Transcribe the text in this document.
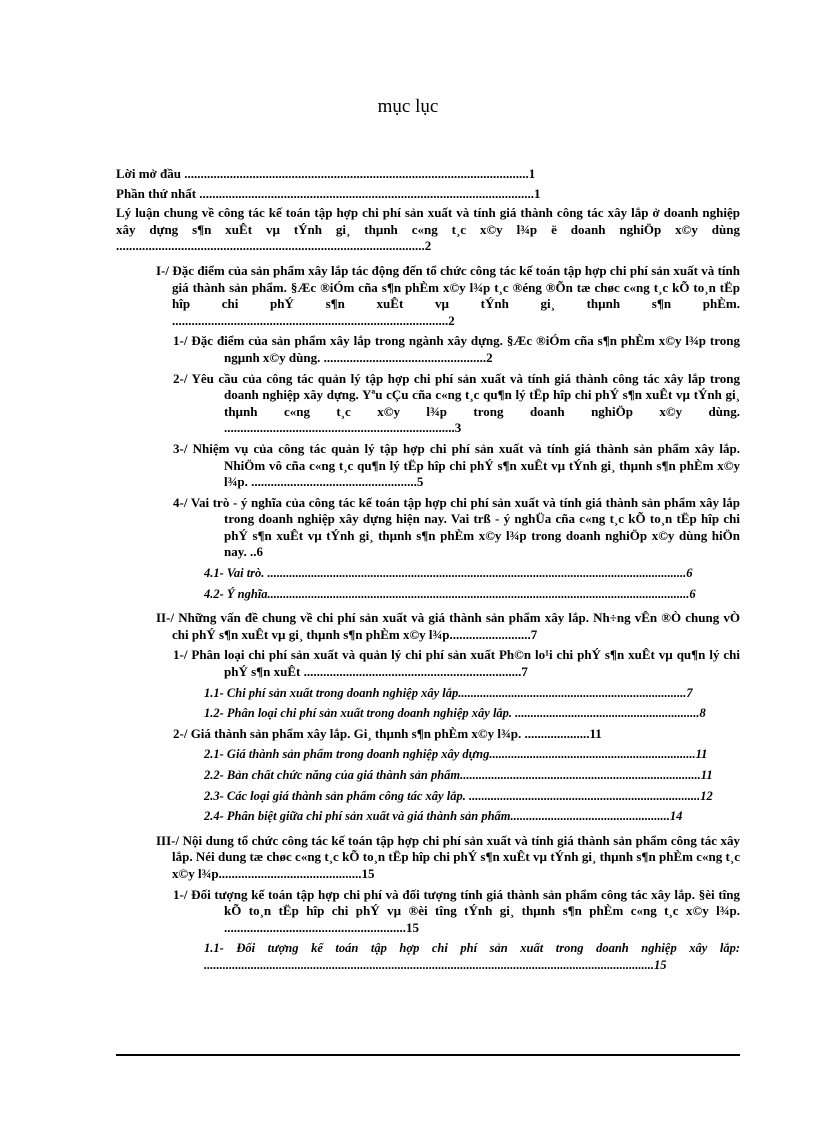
mục lục
Lời mở đầu ..........................................................................................................1
Phần thứ nhất .......................................................................................................1
Lý luận chung về công tác kế toán tập hợp chi phí sản xuất và tính giá thành công tác xây lắp ở doanh nghiệp xây dựng s¶n xuÊt vµ tÝnh gi¸ thµnh c«ng t¸c x©y l¾p ë doanh nghiÖp x©y dùng ...............................................................................................2
I-/ Đặc điểm của sản phẩm xây lắp tác động đến tổ chức công tác kế toán tập hợp chi phí sản xuất và tính giá thành sản phẩm. §Æc ®iÓm cña s¶n phÈm x©y l¾p t¸c ®éng ®Õn tæ chøc c«ng t¸c kÕ to¸n tËp hîp chi phÝ s¶n xuÊt vµ tÝnh gi¸ thµnh s¶n phÈm. .....................................................................................2
1-/ Đặc điểm của sản phẩm xây lắp trong ngành xây dựng. §Æc ®iÓm cña s¶n phÈm x©y l¾p trong ngµnh x©y dùng. ..................................................2
2-/ Yêu cầu của công tác quản lý tập hợp chi phí sản xuất và tính giá thành công tác xây lắp trong doanh nghiệp xây dựng. Yªu cÇu cña c«ng t¸c qu¶n lý tËp hîp chi phÝ s¶n xuÊt vµ tÝnh gi¸ thµnh c«ng t¸c x©y l¾p trong doanh nghiÖp x©y dùng. .......................................................................3
3-/ Nhiệm vụ của công tác quản lý tập hợp chi phí sản xuất và tính giá thành sản phẩm xây lắp. NhiÖm vô cña c«ng t¸c qu¶n lý tËp hîp chi phÝ s¶n xuÊt vµ tÝnh gi¸ thµnh s¶n phÈm x©y l¾p. ...................................................5
4-/ Vai trò - ý nghĩa của công tác kế toán tập hợp chi phí sản xuất và tính giá thành sản phẩm xây lắp trong doanh nghiệp xây dựng hiện nay. Vai trß - ý nghÜa cña c«ng t¸c kÕ to¸n tËp hîp chi phÝ s¶n xuÊt vµ tÝnh gi¸ thµnh s¶n phÈm x©y l¾p trong doanh nghiÖp x©y dùng hiÖn nay. ..6
4.1- Vai trò. ......................................................................................................................................6
4.2- Ý nghĩa.......................................................................................................................................6
II-/ Những vấn đề chung về chi phí sản xuất và giá thành sản phẩm xây lắp. Nh÷ng vÊn ®Ò chung vÒ chi phÝ s¶n xuÊt vµ gi¸ thµnh s¶n phÈm x©y l¾p.........................7
1-/ Phân loại chi phí sản xuất và quản lý chi phí sản xuất Ph©n lo¹i chi phÝ s¶n xuÊt vµ qu¶n lý chi phÝ s¶n xuÊt ...................................................................7
1.1- Chi phí sản xuất trong doanh nghiệp xây lắp.........................................................................7
1.2- Phân loại chi phí sản xuất trong doanh nghiệp xây lắp. ...........................................................8
2-/ Giá thành sản phẩm xây lắp. Gi¸ thµnh s¶n phÈm x©y l¾p. ....................11
2.1- Giá thành sản phẩm trong doanh nghiệp xây dựng..................................................................11
2.2- Bản chất chức năng của giá thành sản phẩm.............................................................................11
2.3- Các loại giá thành sản phẩm công tác xây lắp. ..........................................................................12
2.4- Phân biệt giữa chi phí sản xuất và giá thành sản phẩm...................................................14
III-/ Nội dung tổ chức công tác kế toán tập hợp chi phí sản xuất và tính giá thành sản phẩm công tác xây lắp. Néi dung tæ chøc c«ng t¸c kÕ to¸n tËp hîp chi phÝ s¶n xuÊt vµ tÝnh gi¸ thµnh s¶n phÈm c«ng t¸c x©y l¾p............................................15
1-/ Đối tượng kế toán tập hợp chi phí và đối tượng tính giá thành sản phẩm công tác xây lắp. §èi tîng kÕ to¸n tËp hîp chi phÝ vµ ®èi tîng tÝnh gi¸ thµnh s¶n phÈm c«ng t¸c x©y l¾p. ........................................................15
1.1- Đối tượng kế toán tập hợp chi phí sản xuất trong doanh nghiệp xây lắp: ................................................................................................................................................15
